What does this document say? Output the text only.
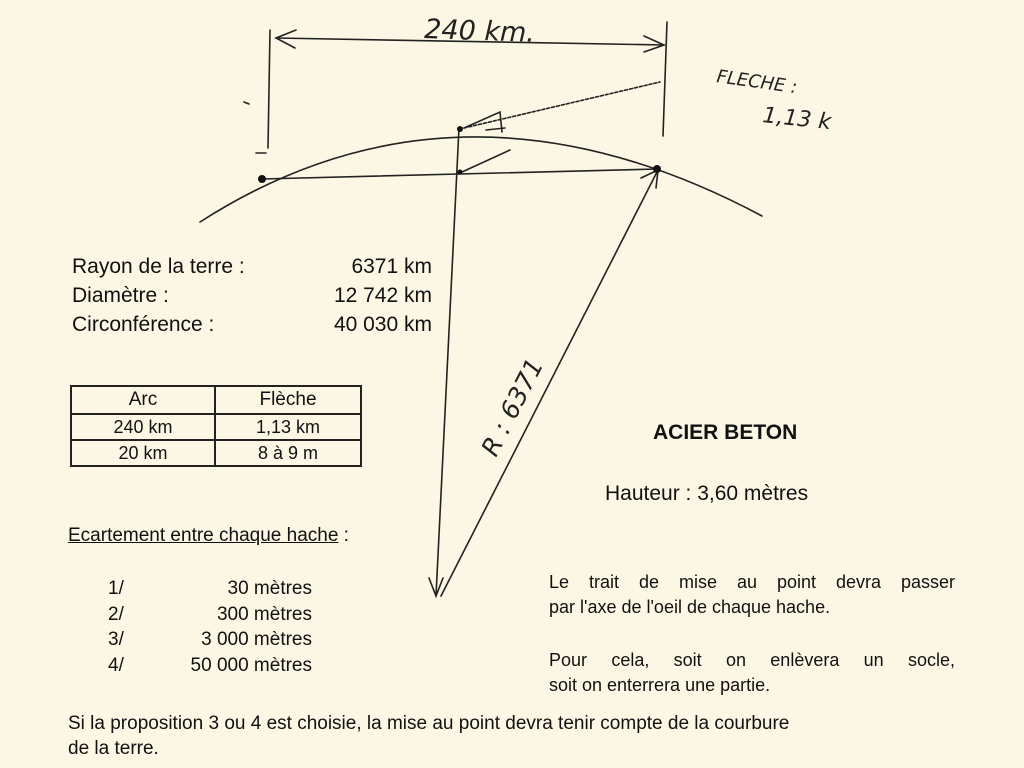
240 km.
FLECHE :
1,13 k
R : 6371
Rayon de la terre :	6371 km
Diamètre :	12 742 km
Circonférence :	40 030 km
Arc	Flèche
240 km	1,13 km
20 km	8 à 9 m
Ecartement entre chaque hache :
1/	30 mètres
2/	300 mètres
3/	3 000 mètres
4/	50 000 mètres
ACIER BETON
Hauteur : 3,60 mètres
Le trait de mise au point devra passer
par l'axe de l'oeil de chaque hache.
Pour cela, soit on enlèvera un socle,
soit on enterrera une partie.
Si la proposition 3 ou 4 est choisie, la mise au point devra tenir compte de la courbure
de la terre.
